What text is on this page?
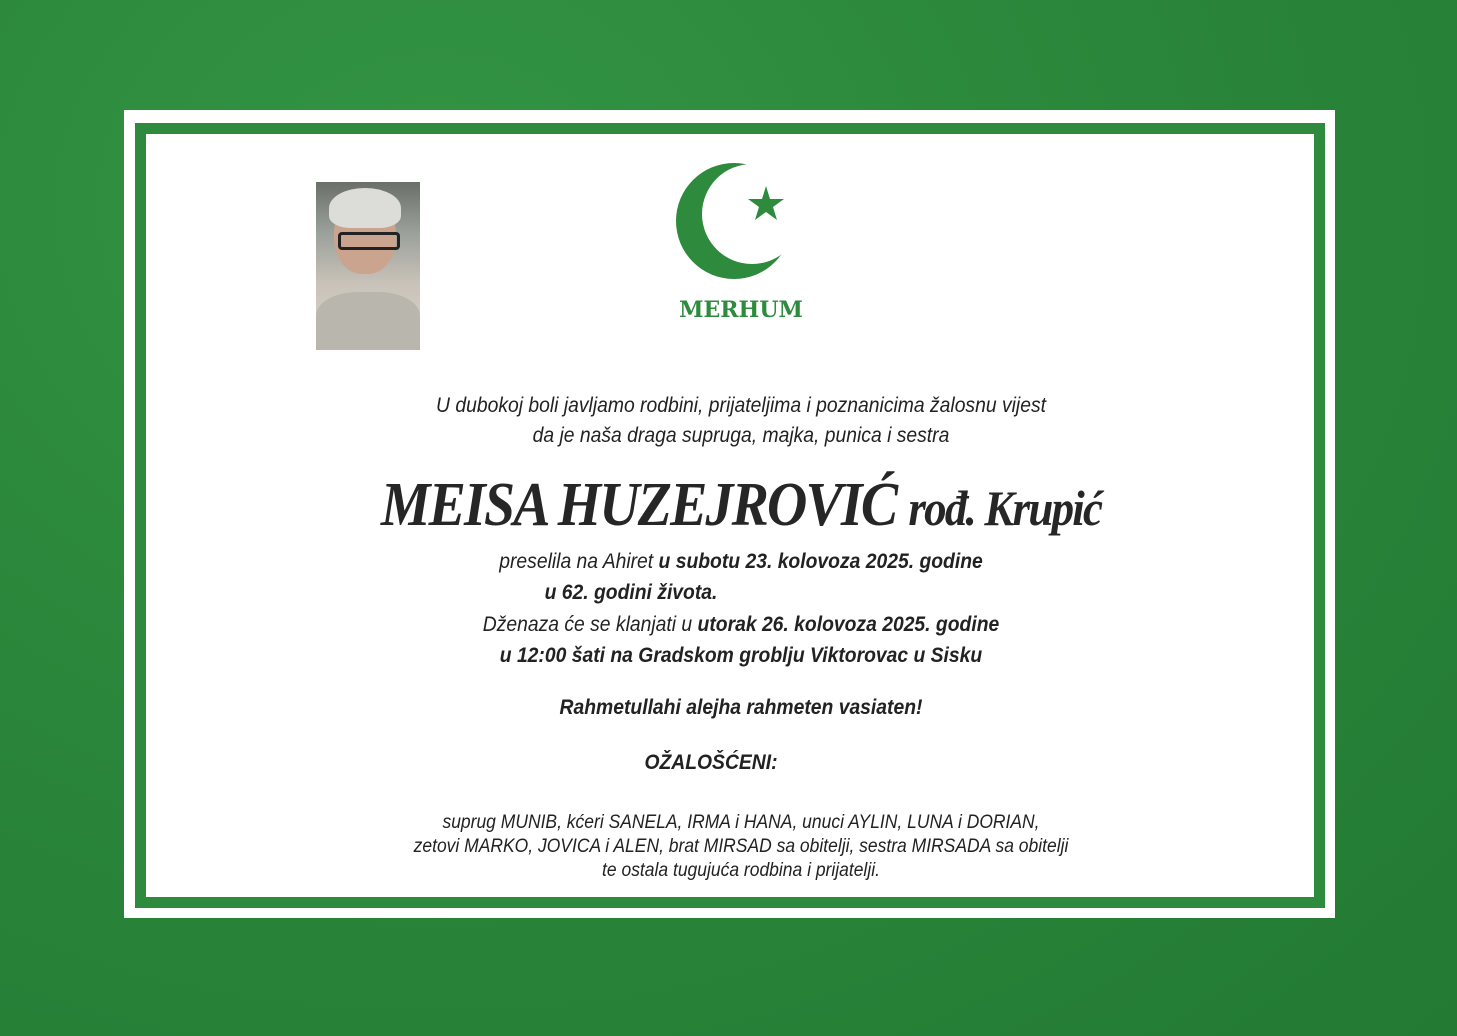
MERHUM
U dubokoj boli javljamo rodbini, prijateljima i poznanicima žalosnu vijest
da je naša draga supruga, majka, punica i sestra
MEISA HUZEJROVIĆ rođ. Krupić
preselila na Ahiret u subotu 23. kolovoza 2025. godine
u 62. godini života.
Dženaza će se klanjati u utorak 26. kolovoza 2025. godine
u 12:00 šati na Gradskom groblju Viktorovac u Sisku
Rahmetullahi alejha rahmeten vasiaten!
OŽALOŠĆENI:
suprug MUNIB, kćeri SANELA, IRMA i HANA, unuci AYLIN, LUNA i DORIAN,
zetovi MARKO, JOVICA i ALEN, brat MIRSAD sa obitelji, sestra MIRSADA sa obitelji
te ostala tugujuća rodbina i prijatelji.
